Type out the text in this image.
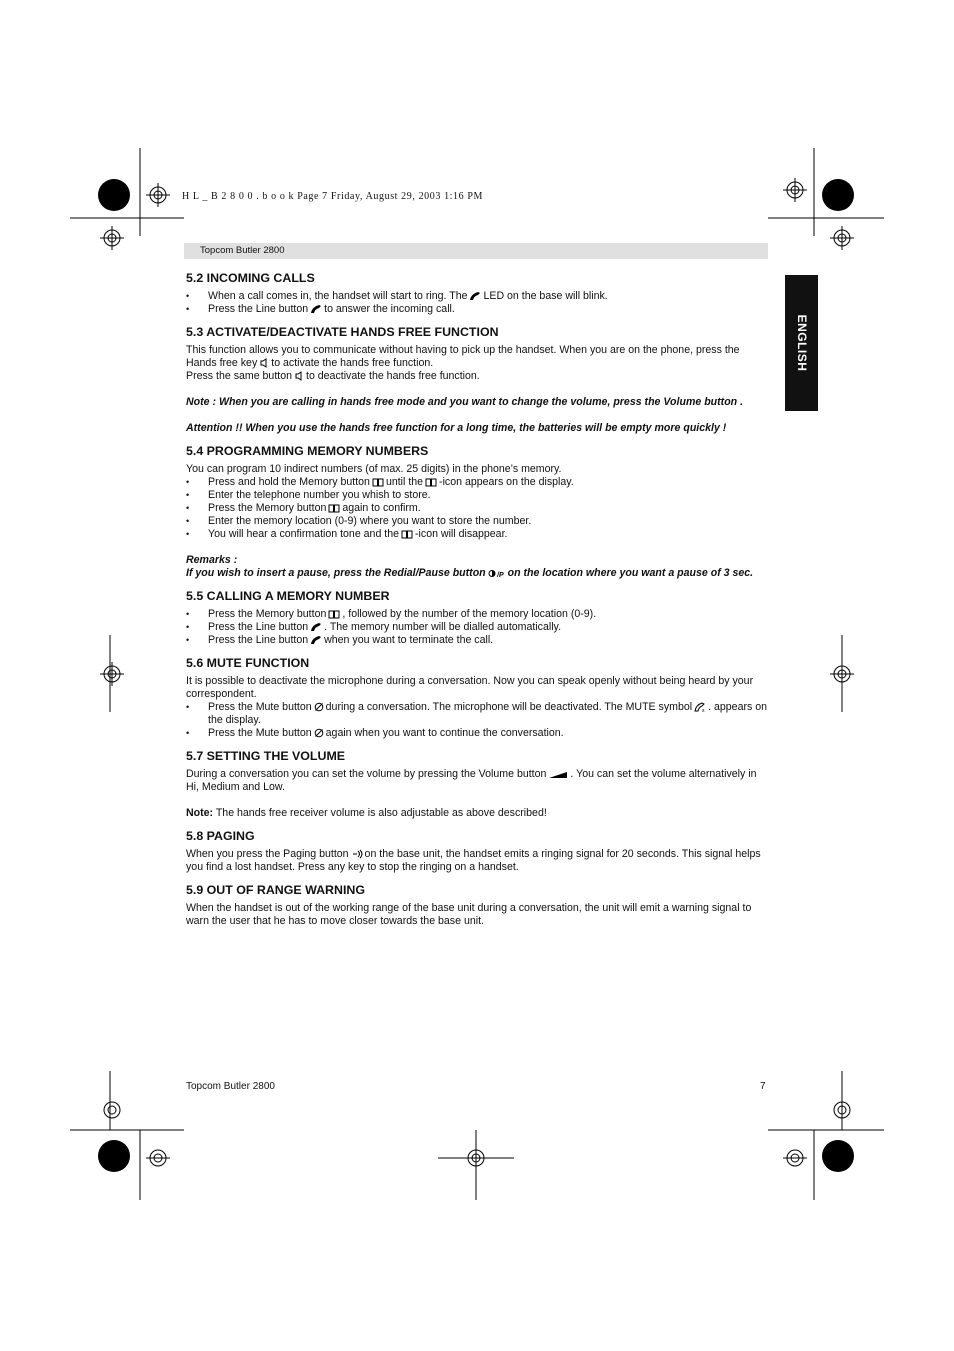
H L _ B 2 8 0 0 . b o o k Page 7 Friday, August 29, 2003 1:16 PM
Topcom Butler 2800
ENGLISH
5.2 INCOMING CALLS
• When a call comes in, the handset will start to ring. The LED on the base will blink.
• Press the Line button to answer the incoming call.
5.3 ACTIVATE/DEACTIVATE HANDS FREE FUNCTION

This function allows you to communicate without having to pick up the handset. When you are on the phone, press the Hands free key to activate the hands free function.

Press the same button to deactivate the hands free function.

Note : When you are calling in hands free mode and you want to change the volume, press the Volume button .

Attention !! When you use the hands free function for a long time, the batteries will be empty more quickly !

5.4 PROGRAMMING MEMORY NUMBERS

You can program 10 indirect numbers (of max. 25 digits) in the phone’s memory.

• Press and hold the Memory button until the -icon appears on the display.
• Enter the telephone number you whish to store.
• Press the Memory button again to confirm.
• Enter the memory location (0-9) where you want to store the number.
• You will hear a confirmation tone and the -icon will disappear.

Remarks :

If you wish to insert a pause, press the Redial/Pause button /P on the location where you want a pause of 3 sec.

5.5 CALLING A MEMORY NUMBER
• Press the Memory button , followed by the number of the memory location (0-9).
• Press the Line button . The memory number will be dialled automatically.
• Press the Line button when you want to terminate the call.
5.6 MUTE FUNCTION

It is possible to deactivate the microphone during a conversation. Now you can speak openly without being heard by your correspondent.

• Press the Mute button during a conversation. The microphone will be deactivated. The MUTE symbol x . appears on the display.
• Press the Mute button again when you want to continue the conversation.
5.7 SETTING THE VOLUME

During a conversation you can set the volume by pressing the Volume button . You can set the volume alternatively in Hi, Medium and Low.

Note: The hands free receiver volume is also adjustable as above described!

5.8 PAGING

When you press the Paging button on the base unit, the handset emits a ringing signal for 20 seconds. This signal helps you find a lost handset. Press any key to stop the ringing on a handset.

5.9 OUT OF RANGE WARNING

When the handset is out of the working range of the base unit during a conversation, the unit will emit a warning signal to warn the user that he has to move closer towards the base unit.

Topcom Butler 2800	7
